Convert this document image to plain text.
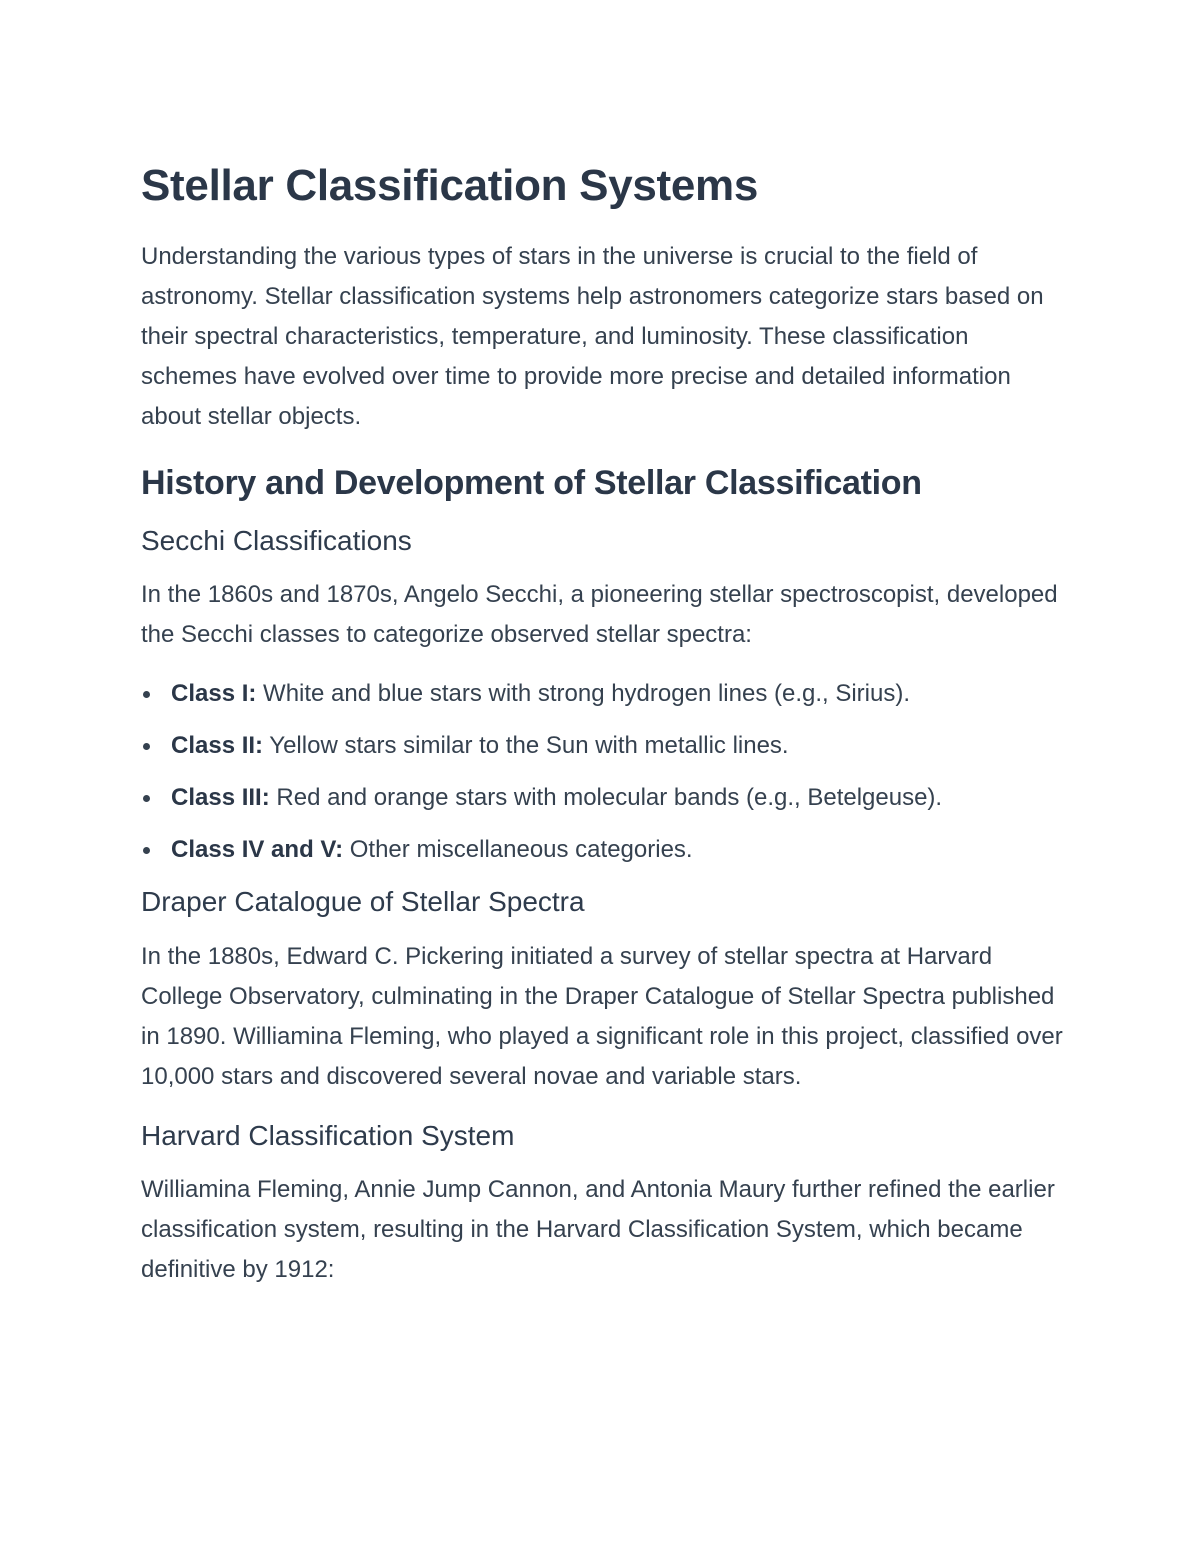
Stellar Classification Systems

Understanding the various types of stars in the universe is crucial to the field of astronomy. Stellar classification systems help astronomers categorize stars based on their spectral characteristics, temperature, and luminosity. These classification schemes have evolved over time to provide more precise and detailed information about stellar objects.

History and Development of Stellar Classification
Secchi Classifications

In the 1860s and 1870s, Angelo Secchi, a pioneering stellar spectroscopist, developed the Secchi classes to categorize observed stellar spectra:

Class I: White and blue stars with strong hydrogen lines (e.g., Sirius).
Class II: Yellow stars similar to the Sun with metallic lines.
Class III: Red and orange stars with molecular bands (e.g., Betelgeuse).
Class IV and V: Other miscellaneous categories.
Draper Catalogue of Stellar Spectra

In the 1880s, Edward C. Pickering initiated a survey of stellar spectra at Harvard College Observatory, culminating in the Draper Catalogue of Stellar Spectra published in 1890. Williamina Fleming, who played a significant role in this project, classified over 10,000 stars and discovered several novae and variable stars.

Harvard Classification System

Williamina Fleming, Annie Jump Cannon, and Antonia Maury further refined the earlier classification system, resulting in the Harvard Classification System, which became definitive by 1912:
